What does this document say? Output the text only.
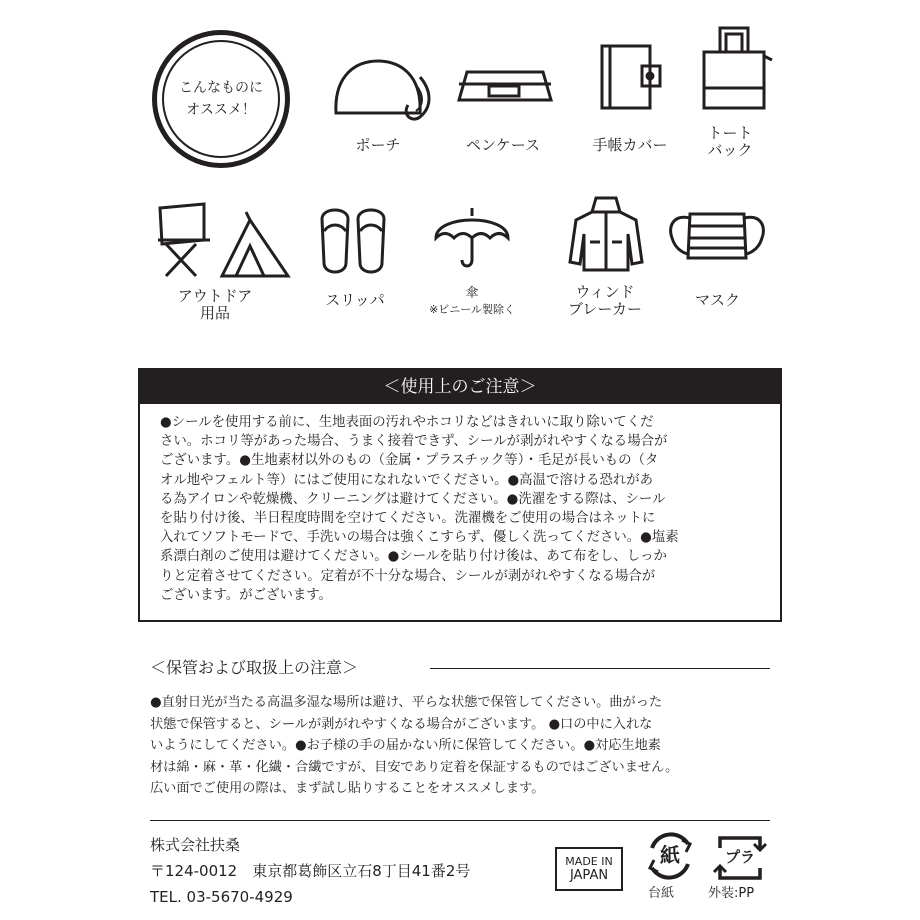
こんなものに
オススメ！
ポーチ	ペンケース	手帳カバー
トート
バック
アウトドア
用品
スリッパ	傘
※ビニール製除く
ウィンド
ブレーカー	マスク
＜使用上のご注意＞
●シールを使用する前に、生地表面の汚れやホコリなどはきれいに取り除いてくだ
さい。ホコリ等があった場合、うまく接着できず、シールが剥がれやすくなる場合が
ございます。●生地素材以外のもの（金属・プラスチック等）・毛足が長いもの（タ
オル地やフェルト等）にはご使用になれないでください。●高温で溶ける恐れがあ
る為アイロンや乾燥機、クリーニングは避けてください。●洗濯をする際は、シール
を貼り付け後、半日程度時間を空けてください。洗濯機をご使用の場合はネットに
入れてソフトモードで、手洗いの場合は強くこすらず、優しく洗ってください。●塩素
系漂白剤のご使用は避けてください。●シールを貼り付け後は、あて布をし、しっか
りと定着させてください。定着が不十分な場合、シールが剥がれやすくなる場合が
ございます。がございます。
＜保管および取扱上の注意＞
●直射日光が当たる高温多湿な場所は避け、平らな状態で保管してください。曲がった
状態で保管すると、シールが剥がれやすくなる場合がございます。 ●口の中に入れな
いようにしてください。●お子様の手の届かない所に保管してください。●対応生地素
材は綿・麻・革・化繊・合繊ですが、目安であり定着を保証するものではございません。
広い面でご使用の際は、まず試し貼りすることをオススメします。
株式会社扶桑
〒124-0012　東京都葛飾区立石8丁目41番2号
TEL. 03-5670-4929
MADE IN
JAPAN
紙
台紙
プラ
外装:PP
